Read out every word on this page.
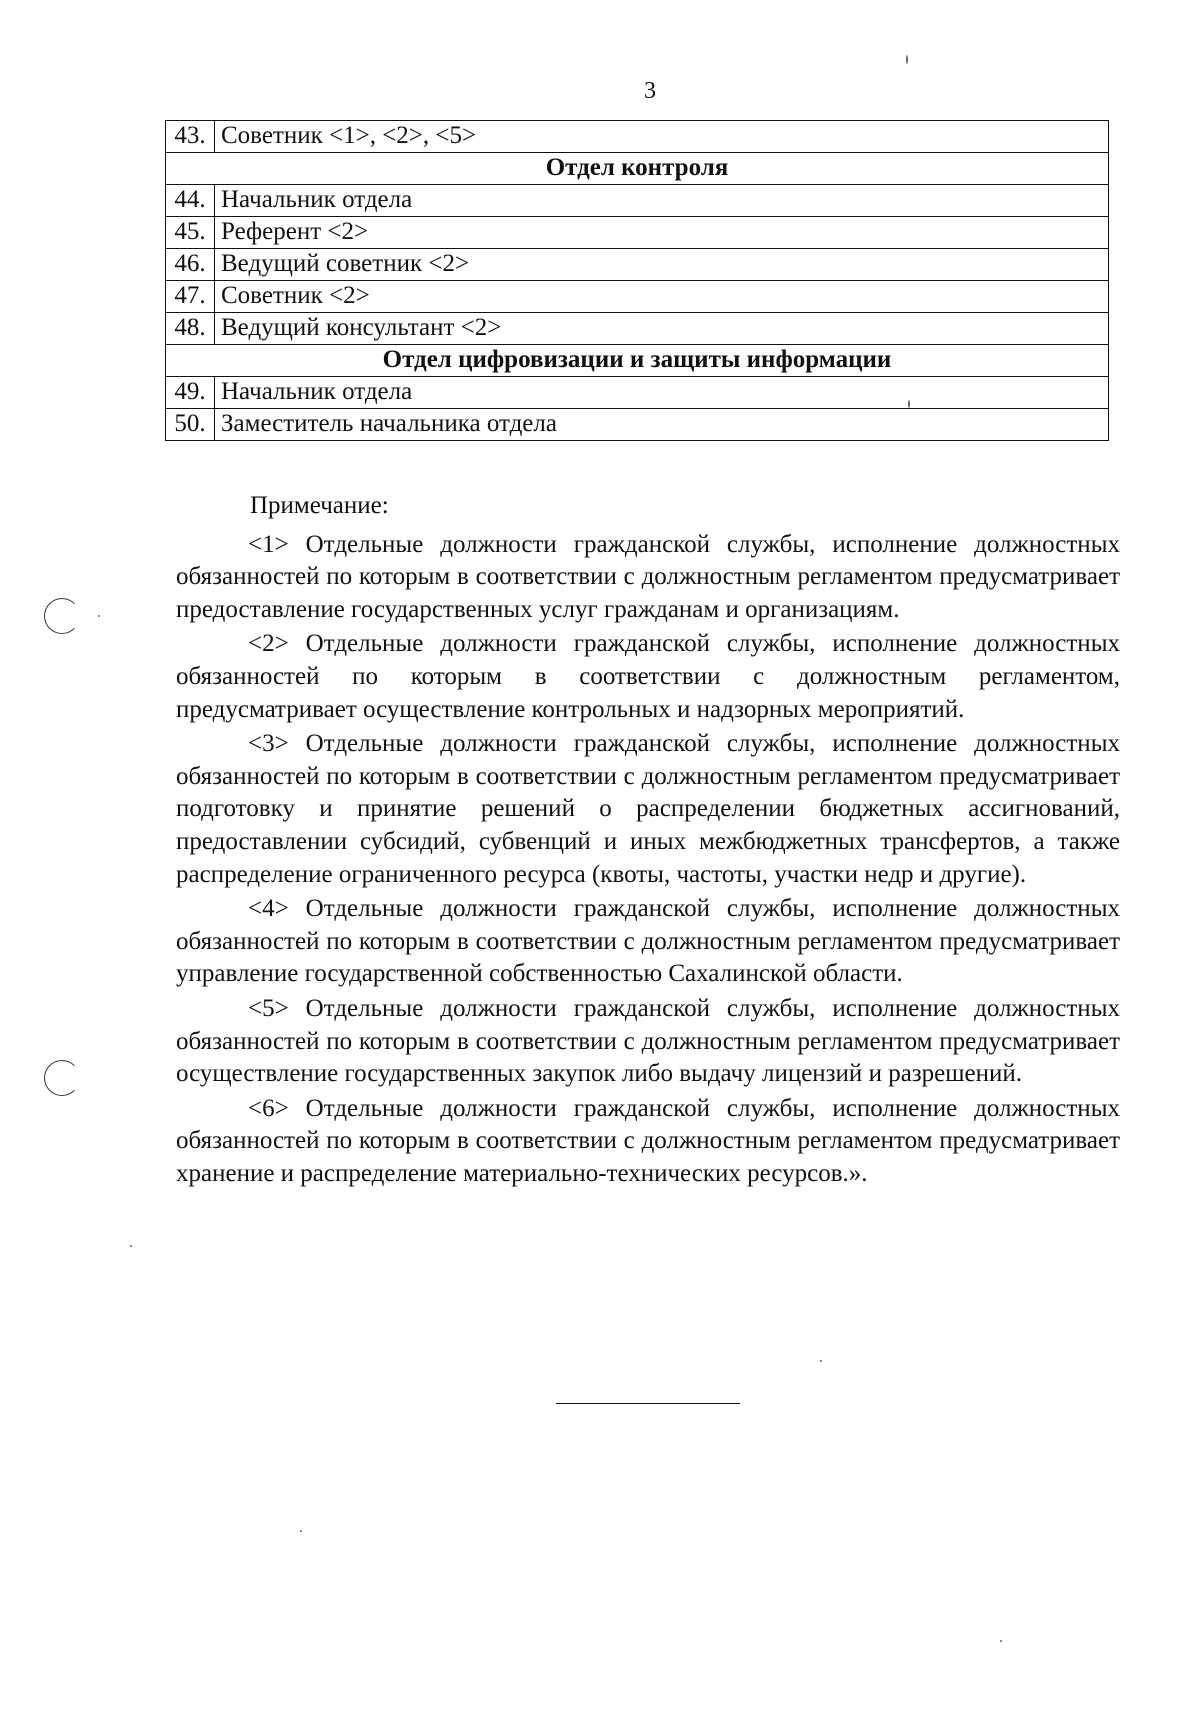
3
43.	Советник <1>, <2>, <5>
Отдел контроля	
44.	Начальник отдела
45.	Референт <2>
46.	Ведущий советник <2>
47.	Советник <2>
48.	Ведущий консультант <2>
Отдел цифровизации и защиты информации	
49.	Начальник отдела
50.	Заместитель начальника отдела

Примечание:

<1> Отдельные должности гражданской службы, исполнение должностных обязанностей по которым в соответствии с должностным регламентом предусматривает предоставление государственных услуг гражданам и организациям.

<2> Отдельные должности гражданской службы, исполнение должностных обязанностей по которым в соответствии с должностным регламентом, предусматривает осуществление контрольных и надзорных мероприятий.

<3> Отдельные должности гражданской службы, исполнение должностных обязанностей по которым в соответствии с должностным регламентом предусматривает подготовку и принятие решений о распределении бюджетных ассигнований, предоставлении субсидий, субвенций и иных межбюджетных трансфертов, а также распределение ограниченного ресурса (квоты, частоты, участки недр и другие).

<4> Отдельные должности гражданской службы, исполнение должностных обязанностей по которым в соответствии с должностным регламентом предусматривает управление государственной собственностью Сахалинской области.

<5> Отдельные должности гражданской службы, исполнение должностных обязанностей по которым в соответствии с должностным регламентом предусматривает осуществление государственных закупок либо выдачу лицензий и разрешений.

<6> Отдельные должности гражданской службы, исполнение должностных обязанностей по которым в соответствии с должностным регламентом предусматривает хранение и распределение материально-технических ресурсов.».
